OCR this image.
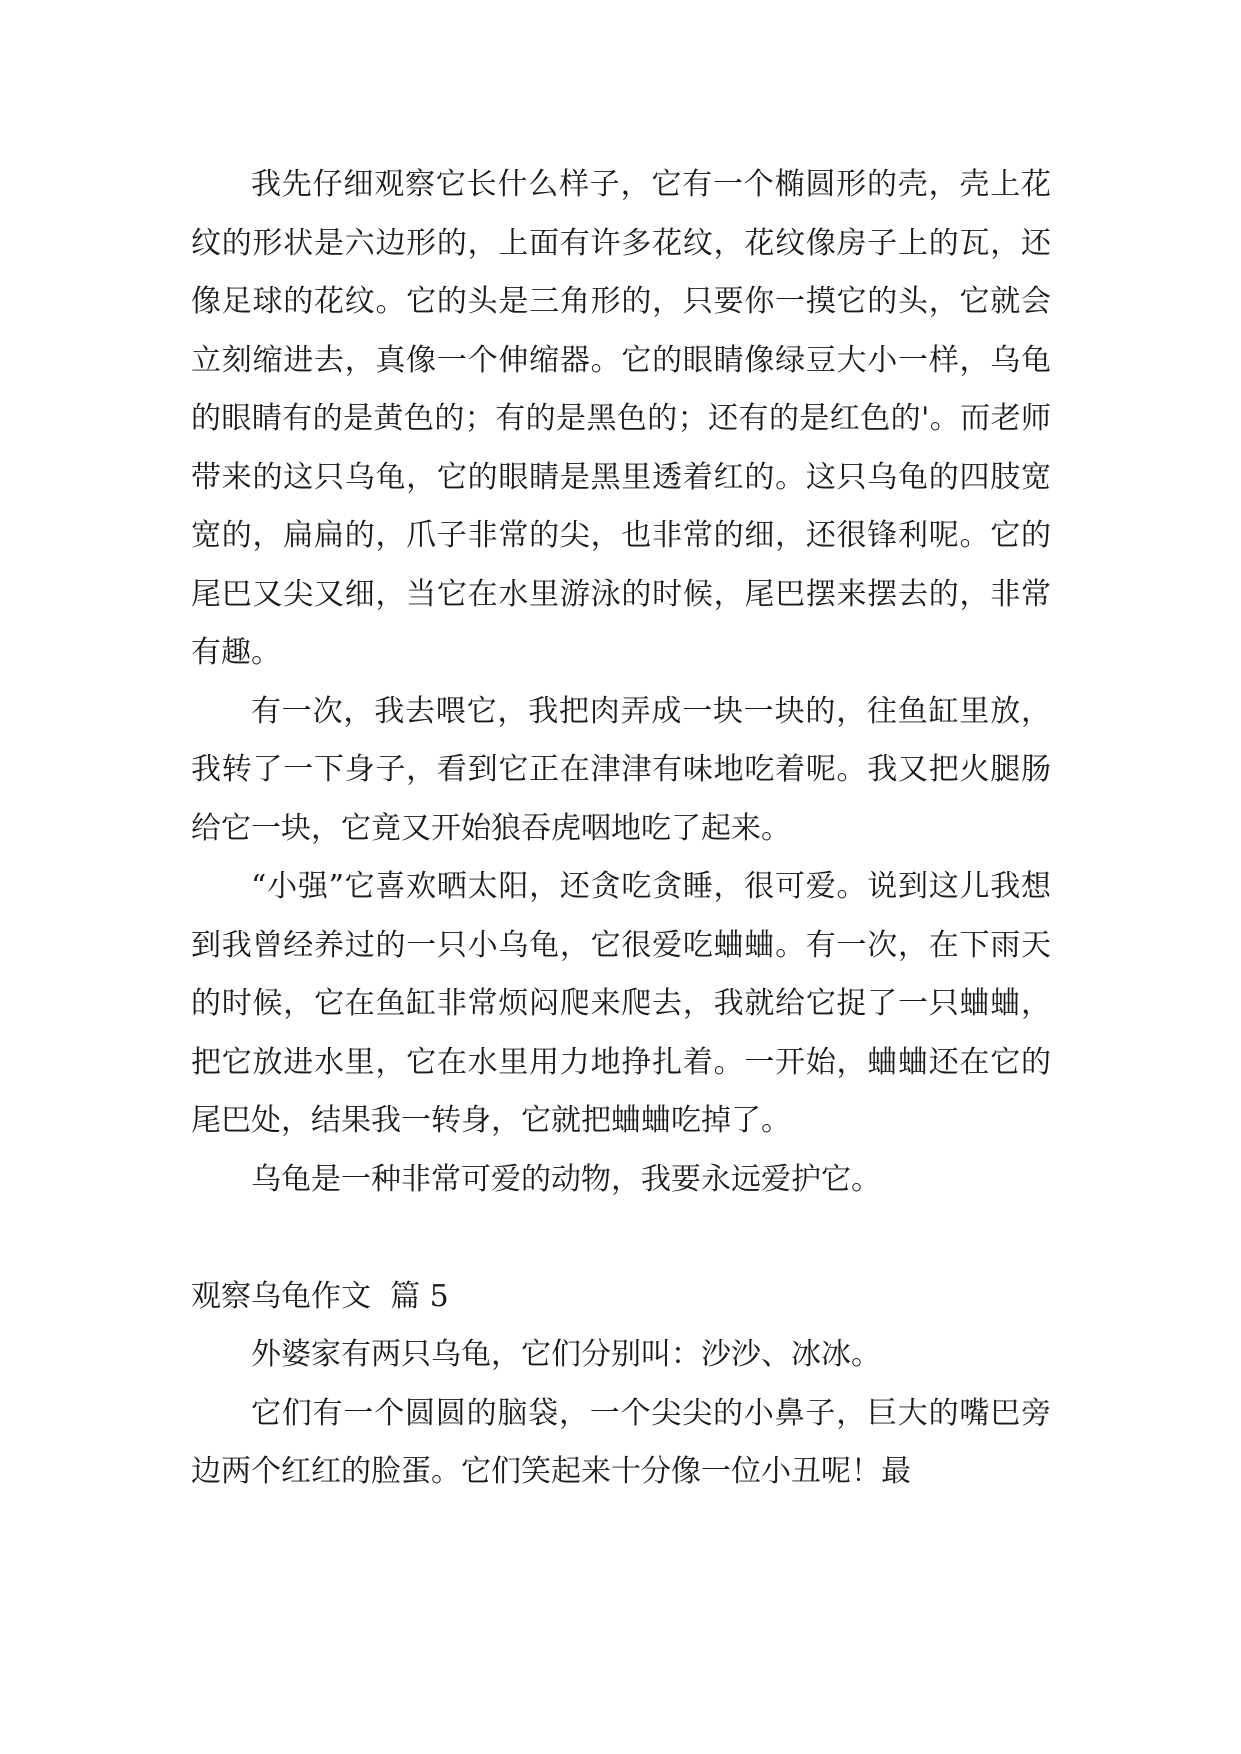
我先仔细观察它长什么样子，它有一个椭圆形的壳，壳上花纹的形状是六边形的，上面有许多花纹，花纹像房子上的瓦，还像足球的花纹。它的头是三角形的，只要你一摸它的头，它就会立刻缩进去，真像一个伸缩器。它的眼睛像绿豆大小一样，乌龟的眼睛有的是黄色的；有的是黑色的；还有的是红色的'。而老师带来的这只乌龟，它的眼睛是黑里透着红的。这只乌龟的四肢宽宽的，扁扁的，爪子非常的尖，也非常的细，还很锋利呢。它的尾巴又尖又细，当它在水里游泳的时候，尾巴摆来摆去的，非常有趣。

有一次，我去喂它，我把肉弄成一块一块的，往鱼缸里放，我转了一下身子，看到它正在津津有味地吃着呢。我又把火腿肠给它一块，它竟又开始狼吞虎咽地吃了起来。

“小强”它喜欢晒太阳，还贪吃贪睡，很可爱。说到这儿我想到我曾经养过的一只小乌龟，它很爱吃蛐蛐。有一次，在下雨天的时候，它在鱼缸非常烦闷爬来爬去，我就给它捉了一只蛐蛐，把它放进水里，它在水里用力地挣扎着。一开始，蛐蛐还在它的尾巴处，结果我一转身，它就把蛐蛐吃掉了。

乌龟是一种非常可爱的动物，我要永远爱护它。

观察乌龟作文  篇 5

外婆家有两只乌龟，它们分别叫：沙沙、冰冰。

它们有一个圆圆的脑袋，一个尖尖的小鼻子，巨大的嘴巴旁边两个红红的脸蛋。它们笑起来十分像一位小丑呢！最
